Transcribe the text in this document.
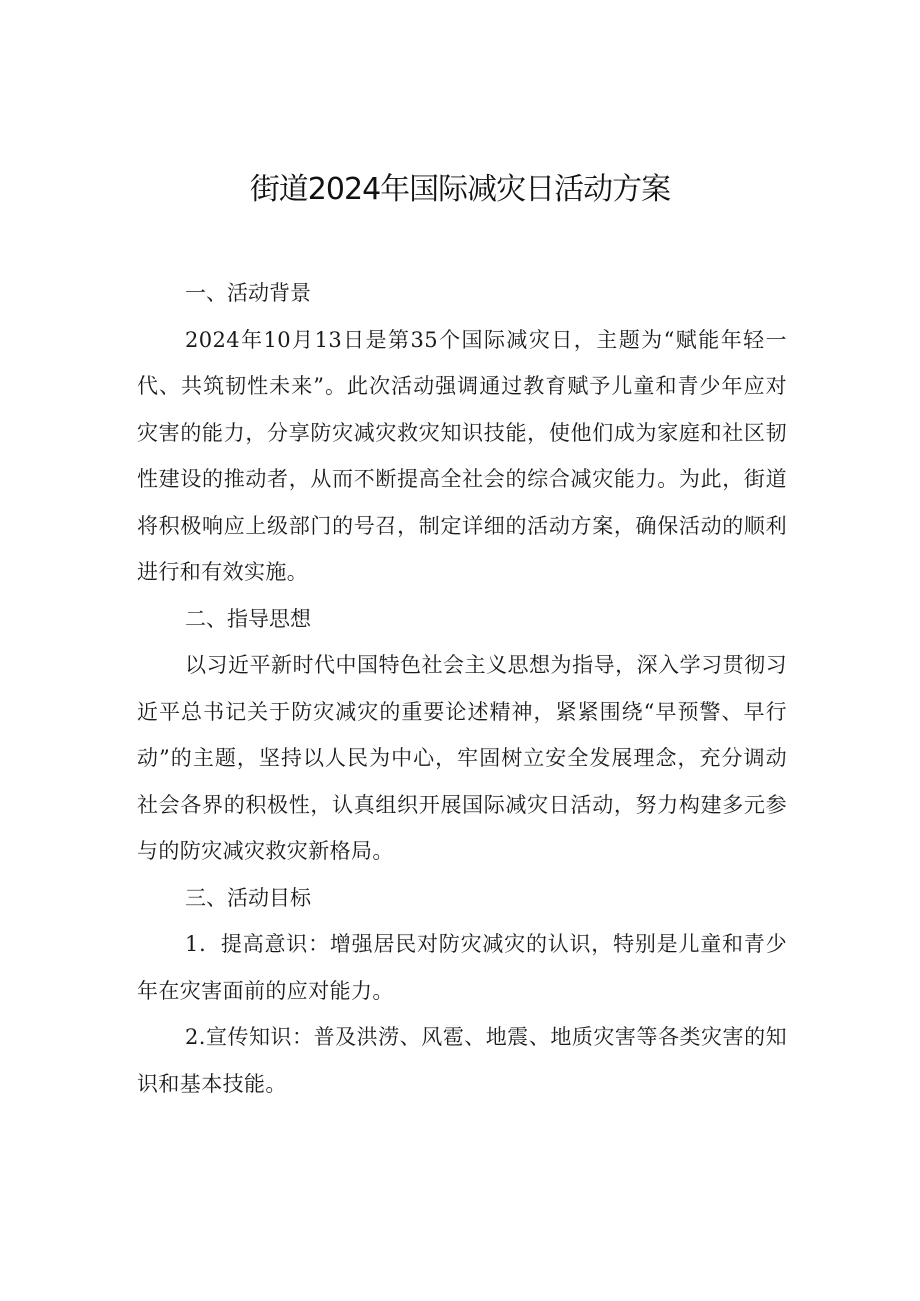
街道2024年国际减灾日活动方案
一、活动背景

2024年10月13日是第35个国际减灾日，主题为“赋能年轻一代、共筑韧性未来”。此次活动强调通过教育赋予儿童和青少年应对灾害的能力，分享防灾减灾救灾知识技能，使他们成为家庭和社区韧性建设的推动者，从而不断提高全社会的综合减灾能力。为此，街道将积极响应上级部门的号召，制定详细的活动方案，确保活动的顺利进行和有效实施。

二、指导思想

以习近平新时代中国特色社会主义思想为指导，深入学习贯彻习近平总书记关于防灾减灾的重要论述精神，紧紧围绕“早预警、早行动”的主题，坚持以人民为中心，牢固树立安全发展理念，充分调动社会各界的积极性，认真组织开展国际减灾日活动，努力构建多元参与的防灾减灾救灾新格局。

三、活动目标

1．提高意识：增强居民对防灾减灾的认识，特别是儿童和青少年在灾害面前的应对能力。

2.宣传知识：普及洪涝、风雹、地震、地质灾害等各类灾害的知识和基本技能。
